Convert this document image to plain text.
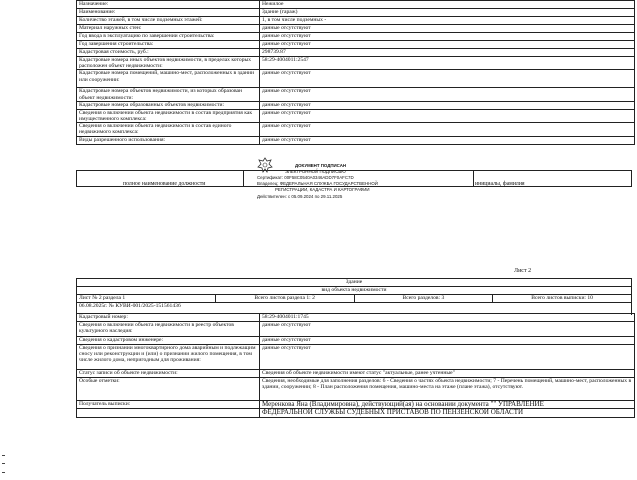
Назначение:	Нежилое
Наименование:	Здание (гараж)
Количество этажей, в том числе подземных этажей:	1, в том числе подземных -
Материал наружных стен:	данные отсутствуют
Год ввода в эксплуатацию по завершении строительства:	данные отсутствуют
Год завершения строительства:	данные отсутствуют
Кадастровая стоимость, руб.:	298739.87
Кадастровые номера иных объектов недвижимости, в пределах которых расположен объект недвижимости:	58:29-4004011:2547
Кадастровые номера помещений, машино-мест, расположенных в здании или сооружении:	данные отсутствуют
Кадастровые номера объектов недвижимости, из которых образован объект недвижимости:	данные отсутствуют
Кадастровые номера образованных объектов недвижимости:	данные отсутствуют
Сведения о включении объекта недвижимости в состав предприятия как имущественного комплекса:	данные отсутствуют
Сведения о включении объекта недвижимости в состав единого недвижимого комплекса:	данные отсутствуют
Виды разрешенного использования:	данные отсутствуют
полное наименование должности	инициалы, фамилия
ДОКУМЕНТ ПОДПИСАН
ЭЛЕКТРОННОЙ ПОДПИСЬЮ
Сертификат: 00F58C0540A0346ADD7F0AFC7D
Владелец: ФЕДЕРАЛЬНАЯ СЛУЖБА ГОСУДАРСТВЕННОЙ
РЕГИСТРАЦИИ, КАДАСТРА И КАРТОГРАФИИ
Действителен: с 05.09.2024 по 29.11.2025
Лист 2
Здание
вид объекта недвижимости
Лист № 2 раздела 1	Всего листов раздела 1: 2	Всего разделов: 3	Всего листов выписки: 10
06.08.2025г. № КУВИ-001/2025-151561436
Кадастровый номер:	58:29-4004011:1745
Сведения о включении объекта недвижимости в реестр объектов культурного наследия:	данные отсутствуют
Сведения о кадастровом инженере:	данные отсутствуют
Сведения о признании многоквартирного дома аварийным и подлежащим сносу или реконструкции и (или) о признании жилого помещения, в том числе жилого дома, непригодным для проживания:	данные отсутствуют
Статус записи об объекте недвижимости:	Сведения об объекте недвижимости имеют статус "актуальные, ранее учтенные"
Особые отметки:	Сведения, необходимые для заполнения разделов: 6 - Сведения о частях объекта недвижимости; 7 - Перечень помещений, машино-мест, расположенных в здании, сооружении; 8 - План расположения помещения, машино-места на этаже (плане этажа), отсутствуют.
Получатель выписки:	Меренкова Яна (Владимировна), действующий(ая) на основании документа "" УПРАВЛЕНИЕ
	ФЕДЕРАЛЬНОЙ СЛУЖБЫ СУДЕБНЫХ ПРИСТАВОВ ПО ПЕНЗЕНСКОЙ ОБЛАСТИ
